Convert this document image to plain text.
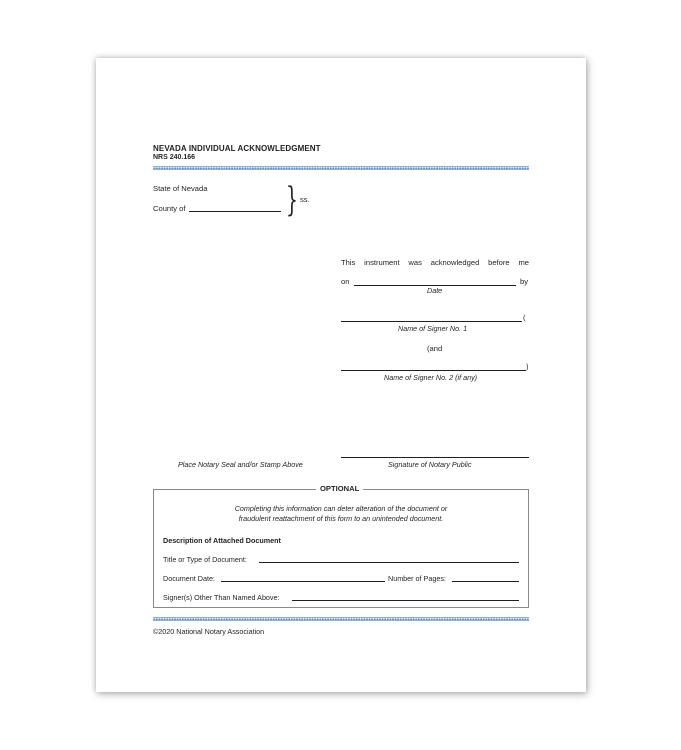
NEVADA INDIVIDUAL ACKNOWLEDGMENT
NRS 240.166
State of Nevada
County of	} ss.
This instrument was acknowledged before me
on	by
Date
(
Name of Signer No. 1
(and
)
Name of Signer No. 2 (if any)
Place Notary Seal and/or Stamp Above	Signature of Notary Public
OPTIONAL
Completing this information can deter alteration of the document or
fraudulent reattachment of this form to an unintended document.
Description of Attached Document
Title or Type of Document:
Document Date:	Number of Pages:
Signer(s) Other Than Named Above:
©2020 National Notary Association
